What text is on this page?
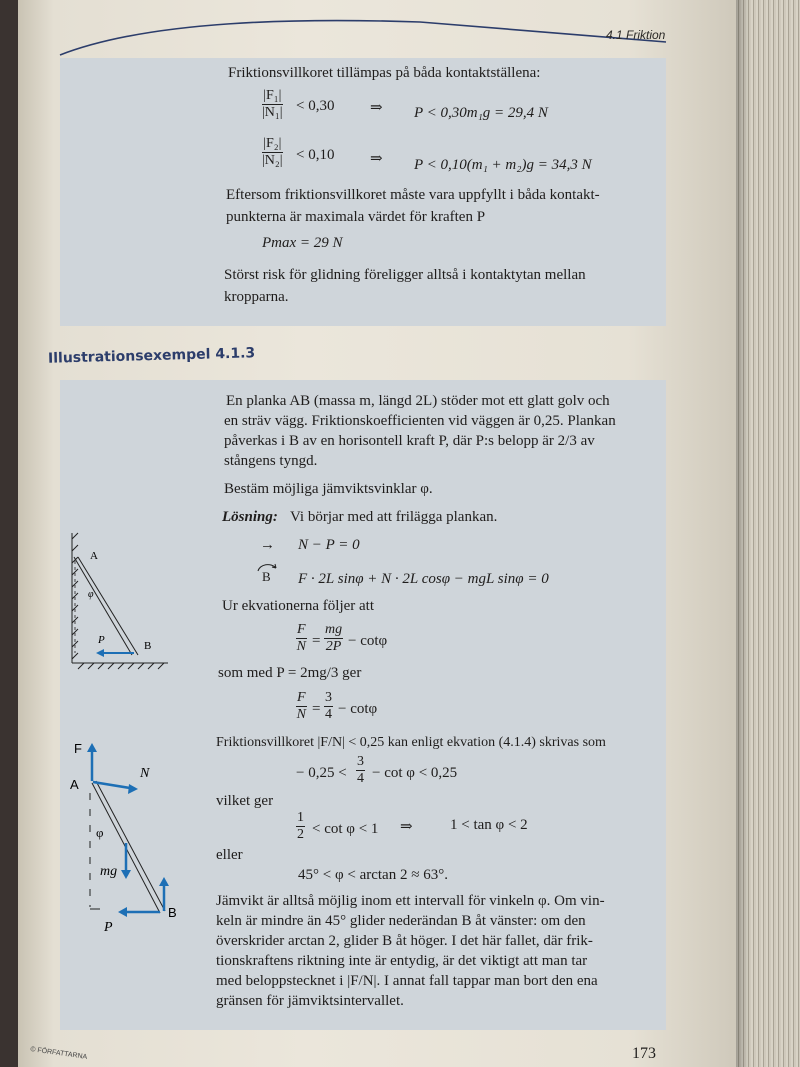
4.1 Friktion
Friktionsvillkoret tillämpas på båda kontaktställena:
$\frac{\text{|F₁|}}{\text{|N₁|}} < 0,30$ ⇒ P < 0,30m₁g = 29,4 N
$\frac{\text{|F₂|}}{\text{|N₂|}} < 0,10$ ⇒ P < 0,10(m₁ + m₂)g = 34,3 N
Eftersom friktionsvillkoret måste vara uppfyllt i båda kontakt-
punkterna är maximala värdet för kraften P
Pmax = 29 N
Störst risk för glidning föreligger alltså i kontaktytan mellan
kropparna.
Illustrationsexempel 4.1.3
En planka AB (massa m, längd 2L) stöder mot ett glatt golv och
en sträv vägg. Friktionskoefficienten vid väggen är 0,25. Plankan
påverkas i B av en horisontell kraft P, där P:s belopp är 2/3 av
stångens tyngd.
Bestäm möjliga jämviktsvinklar φ.
Lösning: Vi börjar med att frilägga plankan.
→ N − P = 0
B F · 2L sinφ + N · 2L cosφ − mgL sinφ = 0
Ur ekvationerna följer att
$\frac{F}{N} = \frac{mg}{2P} - \cot\varphi$
som med P = 2mg/3 ger
$\frac{F}{N} = \frac{3}{4} - \cot\varphi$
Friktionsvillkoret |F/N| < 0,25 kan enligt ekvation (4.1.4) skrivas som
− $0,25 < \frac{3}{4} - \cot \varphi < 0,25$
vilket ger
$\frac{1}{2} < \cot \varphi < 1$ ⇒ 1 < tan φ < 2
eller
45° < φ < arctan 2 ≈ 63°.
Jämvikt är alltså möjlig inom ett intervall för vinkeln φ. Om vin-
keln är mindre än 45° glider nederändan B åt vänster: om den
överskrider arctan 2, glider B åt höger. I det här fallet, där frik-
tionskraftens riktning inte är entydig, är det viktigt att man tar
med beloppstecknet i |F/N|. I annat fall tappar man bort den ena
gränsen för jämviktsintervallet.
A
φ
P	B
F
A
N
φ
mg
B
P
© FÖRFATTARNA	173
